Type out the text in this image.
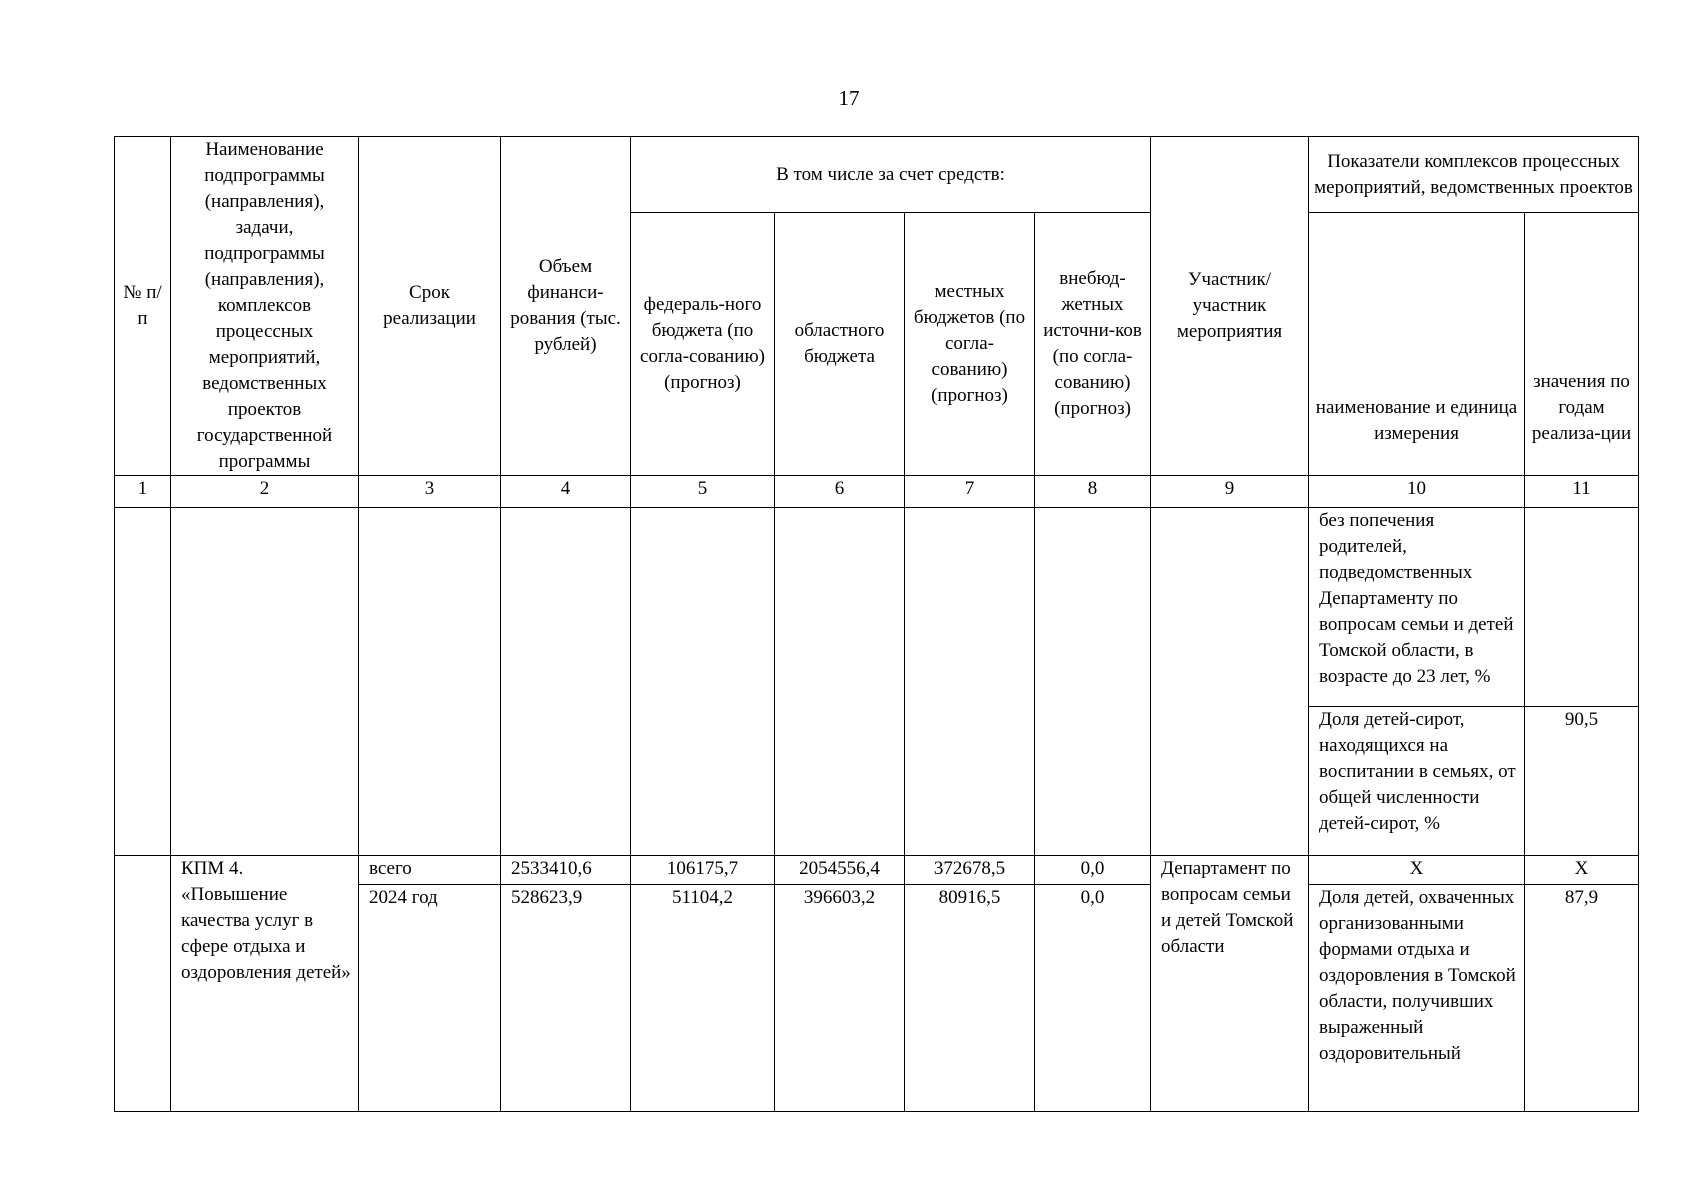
17
№ п/п	Наименование подпрограммы (направления), задачи, подпрограммы (направления), комплексов процессных мероприятий, ведомственных проектов государственной программы	Срок реализации	Объем финанси-рования (тыс. рублей)	В том числе за счет средств:				Участник/ участник мероприятия	Показатели комплексов процессных мероприятий, ведомственных проектов	
				федераль-ного бюджета (по согла-сованию) (прогноз)	областного бюджета	местных бюджетов (по согла-сованию) (прогноз)	внебюд-жетных источни-ков (по согла-сованию) (прогноз)		наименование и единица измерения	значения по годам реализа-ции
1	2	3	4	5	6	7	8	9	10	11
									без попечения родителей, подведомственных Департаменту по вопросам семьи и детей Томской области, в возрасте до 23 лет, %	
									Доля детей-сирот, находящихся на воспитании в семьях, от общей численности детей-сирот, %	90,5
	КПМ 4. «Повышение качества услуг в сфере отдыха и оздоровления детей»	всего	2533410,6	106175,7	2054556,4	372678,5	0,0	Департамент по вопросам семьи и детей Томской области	Х	Х
		2024 год	528623,9	51104,2	396603,2	80916,5	0,0		Доля детей, охваченных организованными формами отдыха и оздоровления в Томской области, получивших выраженный оздоровительный	87,9
